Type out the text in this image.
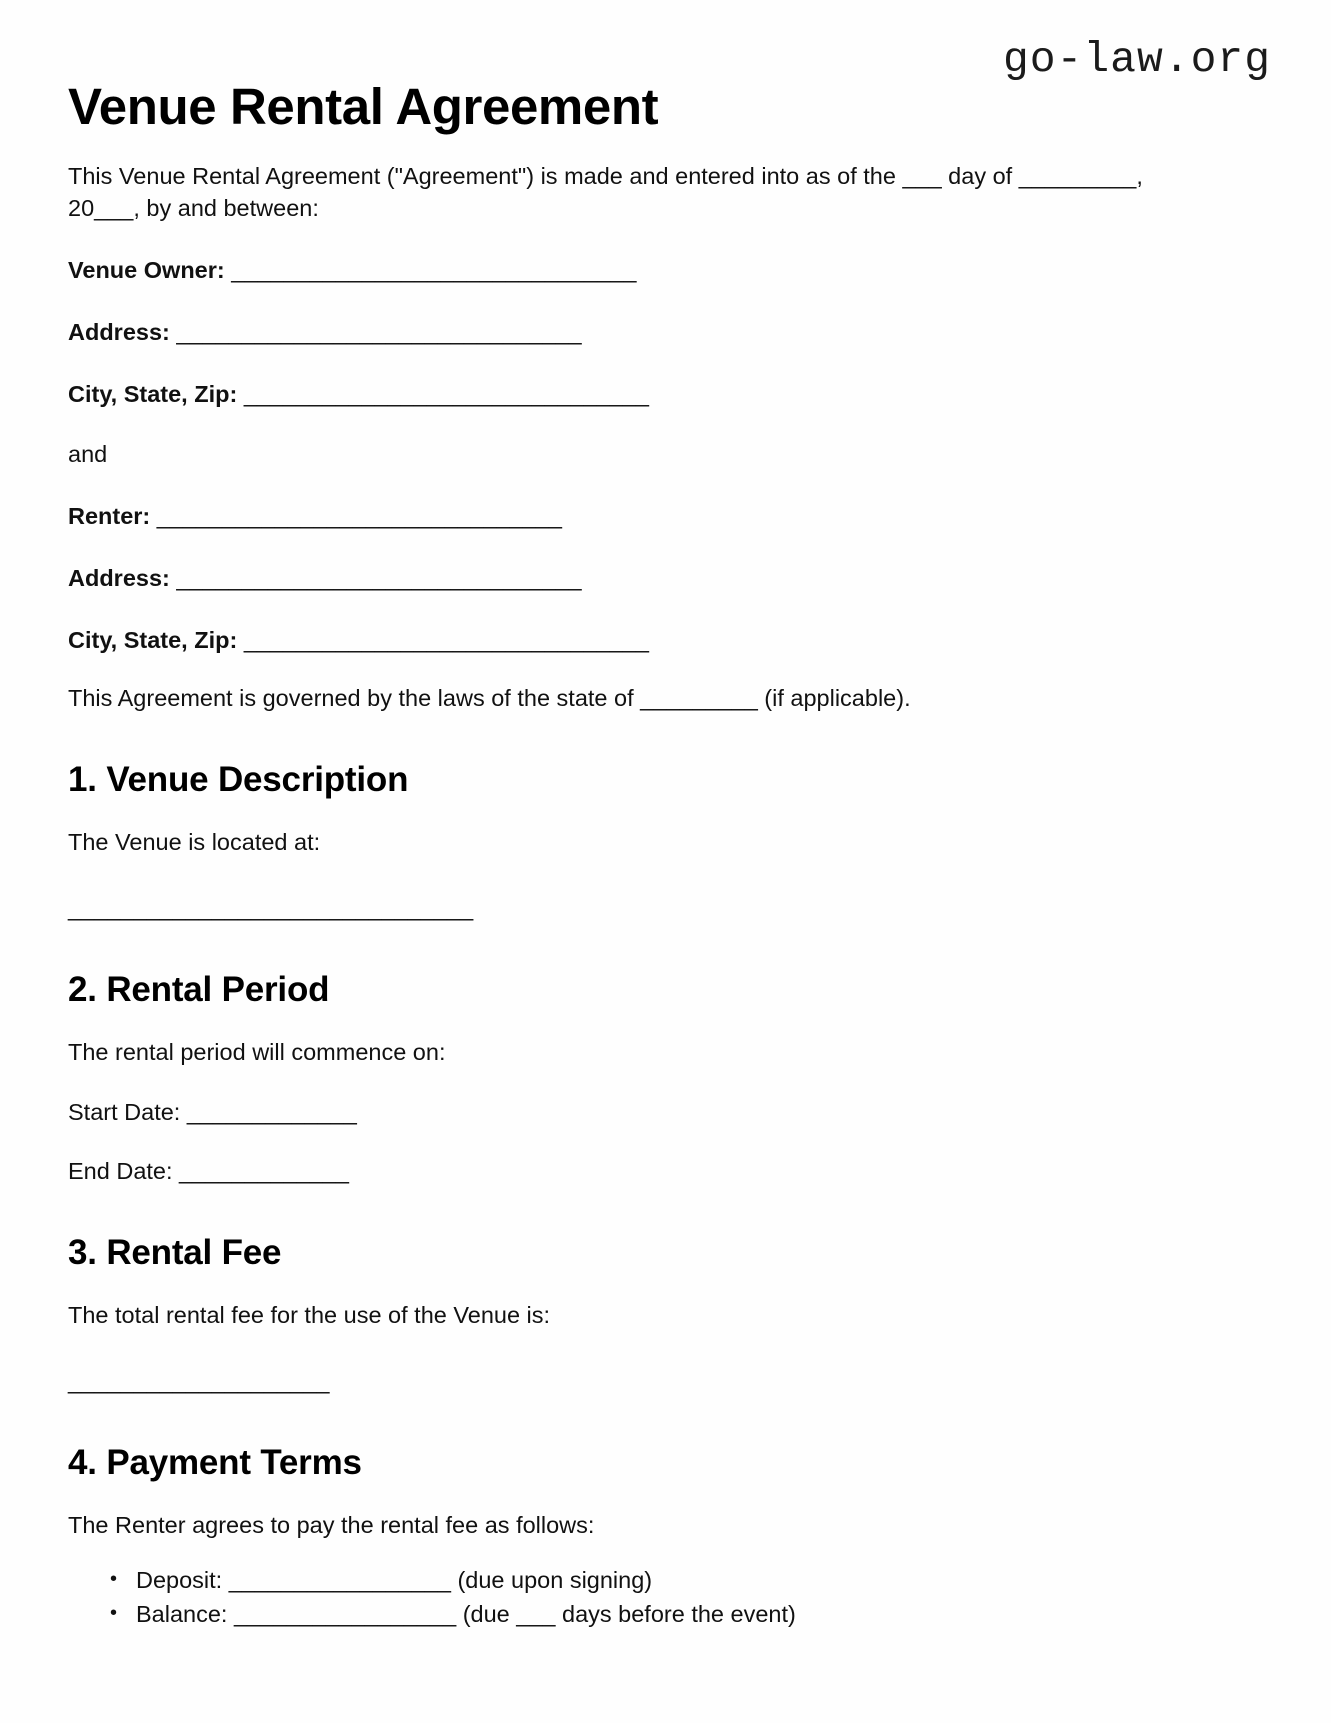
go-law.org
Venue Rental Agreement

This Venue Rental Agreement ("Agreement") is made and entered into as of the ___ day of _________, 20___, by and between:

Venue Owner: _______________________________
Address: _______________________________
City, State, Zip: _______________________________

and

Renter: _______________________________
Address: _______________________________
City, State, Zip: _______________________________

This Agreement is governed by the laws of the state of _________ (if applicable).

1. Venue Description

The Venue is located at:

_______________________________
2. Rental Period

The rental period will commence on:

Start Date: _____________

End Date: _____________

3. Rental Fee

The total rental fee for the use of the Venue is:

____________________
4. Payment Terms

The Renter agrees to pay the rental fee as follows:

• Deposit: _________________ (due upon signing)
• Balance: _________________ (due ___ days before the event)
